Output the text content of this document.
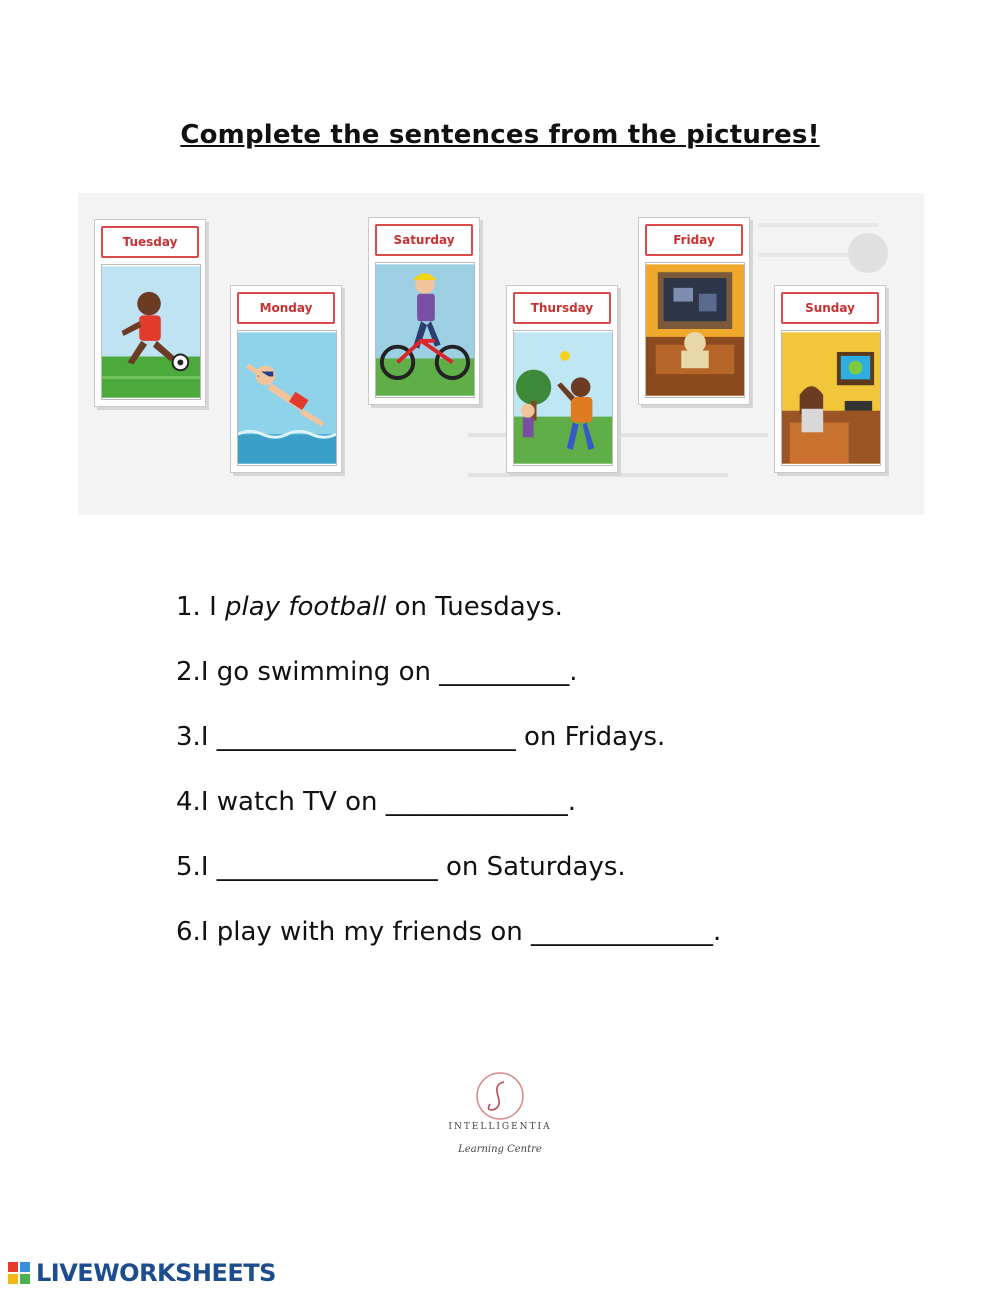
Complete the sentences from the pictures!
Tuesday
Monday
Saturday
Thursday
Friday
Sunday
1. I play football on Tuesdays.
2.I go swimming on __________.
3.I _______________________ on Fridays.
4.I watch TV on ______________.
5.I _________________ on Saturdays.
6.I play with my friends on ______________.
INTELLIGENTIA
Learning Centre
LIVEWORKSHEETS
